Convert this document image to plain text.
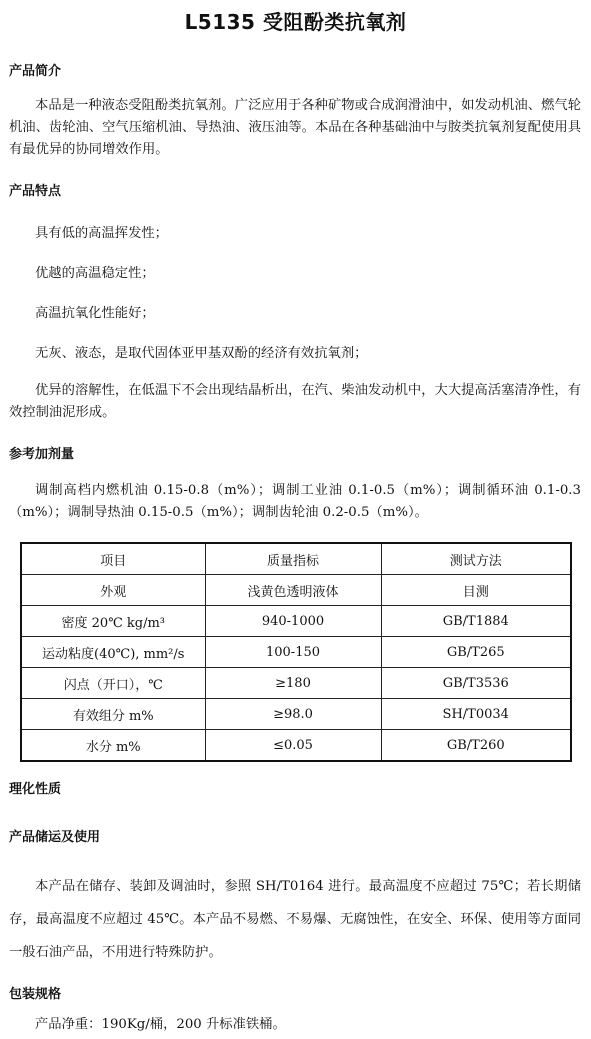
L5135 受阻酚类抗氧剂
产品简介
本品是一种液态受阻酚类抗氧剂。广泛应用于各种矿物或合成润滑油中，如发动机油、燃气轮机油、齿轮油、空气压缩机油、导热油、液压油等。本品在各种基础油中与胺类抗氧剂复配使用具有最优异的协同增效作用。
产品特点
具有低的高温挥发性；
优越的高温稳定性；
高温抗氧化性能好；
无灰、液态，是取代固体亚甲基双酚的经济有效抗氧剂；
优异的溶解性，在低温下不会出现结晶析出，在汽、柴油发动机中，大大提高活塞清净性，有效控制油泥形成。
参考加剂量
调制高档内燃机油 0.15-0.8（m%）；调制工业油 0.1-0.5（m%）；调制循环油 0.1-0.3（m%）；调制导热油 0.15-0.5（m%）；调制齿轮油 0.2-0.5（m%）。
项目	质量指标	测试方法
外观	浅黄色透明液体	目测
密度 20℃ kg/m³	940-1000	GB/T1884
运动粘度(40℃), mm²/s	100-150	GB/T265
闪点（开口），℃	≥180	GB/T3536
有效组分 m%	≥98.0	SH/T0034
水分 m%	≤0.05	GB/T260
理化性质
产品储运及使用
本产品在储存、装卸及调油时，参照 SH/T0164 进行。最高温度不应超过 75℃；若长期储存，最高温度不应超过 45℃。本产品不易燃、不易爆、无腐蚀性，在安全、环保、使用等方面同一般石油产品，不用进行特殊防护。
包装规格
产品净重：190Kg/桶，200 升标准铁桶。
